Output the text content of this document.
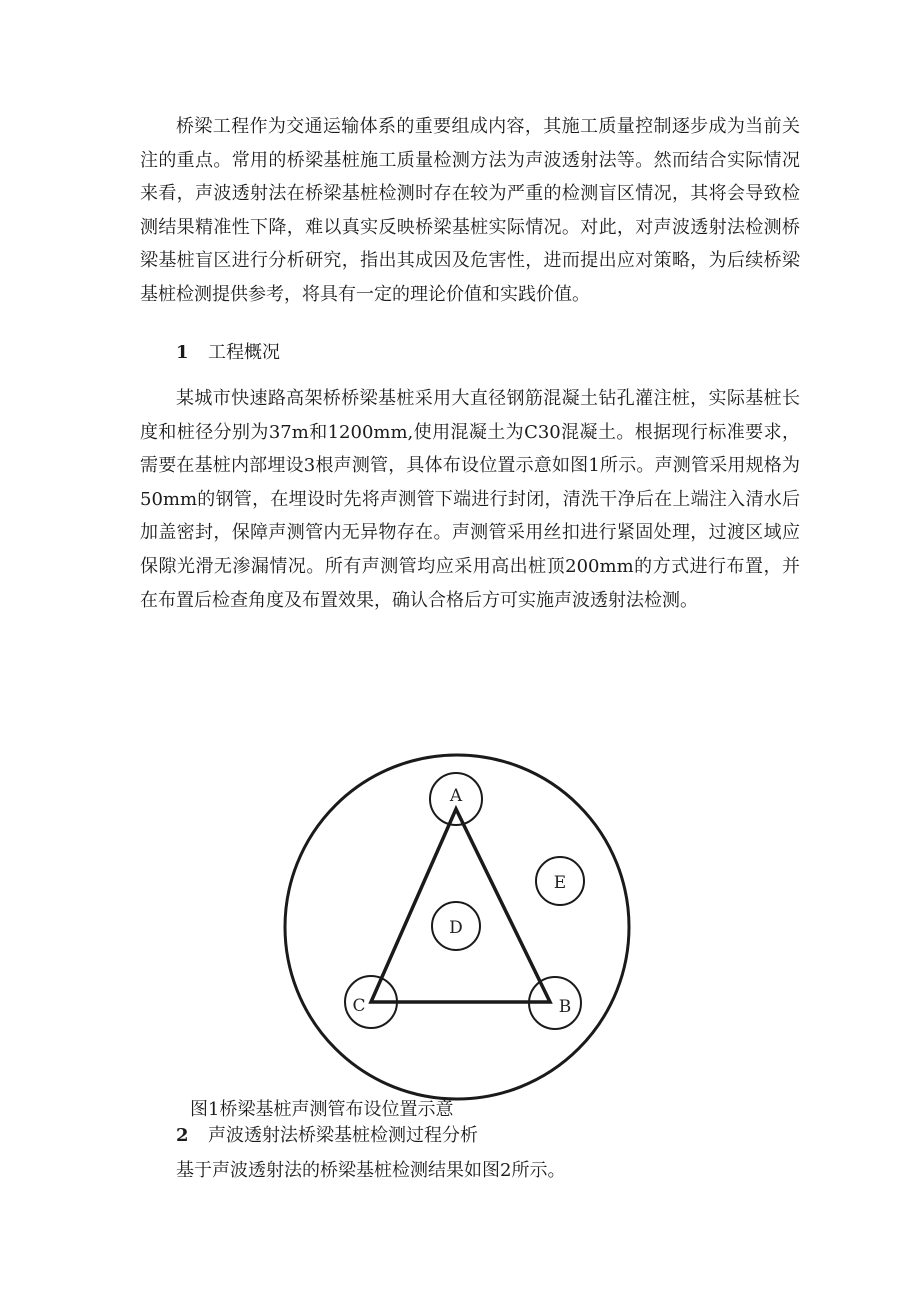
桥梁工程作为交通运输体系的重要组成内容，其施工质量控制逐步成为当前关注的重点。常用的桥梁基桩施工质量检测方法为声波透射法等。然而结合实际情况来看，声波透射法在桥梁基桩检测时存在较为严重的检测盲区情况，其将会导致检测结果精准性下降，难以真实反映桥梁基桩实际情况。对此，对声波透射法检测桥梁基桩盲区进行分析研究，指出其成因及危害性，进而提出应对策略，为后续桥梁基桩检测提供参考，将具有一定的理论价值和实践价值。

1 工程概况

某城市快速路高架桥桥梁基桩采用大直径钢筋混凝土钻孔灌注桩，实际基桩长度和桩径分别为37m和1200mm,使用混凝土为C30混凝土。根据现行标准要求，需要在基桩内部埋设3根声测管，具体布设位置示意如图1所示。声测管采用规格为50mm的钢管，在埋设时先将声测管下端进行封闭，清洗干净后在上端注入清水后加盖密封，保障声测管内无异物存在。声测管采用丝扣进行紧固处理，过渡区域应保隙光滑无渗漏情况。所有声测管均应采用高出桩顶200mm的方式进行布置，并在布置后检查角度及布置效果，确认合格后方可实施声波透射法检测。

A
C	B
D
E

图1桥梁基桩声测管布设位置示意

2 声波透射法桥梁基桩检测过程分析

基于声波透射法的桥梁基桩检测结果如图2所示。
